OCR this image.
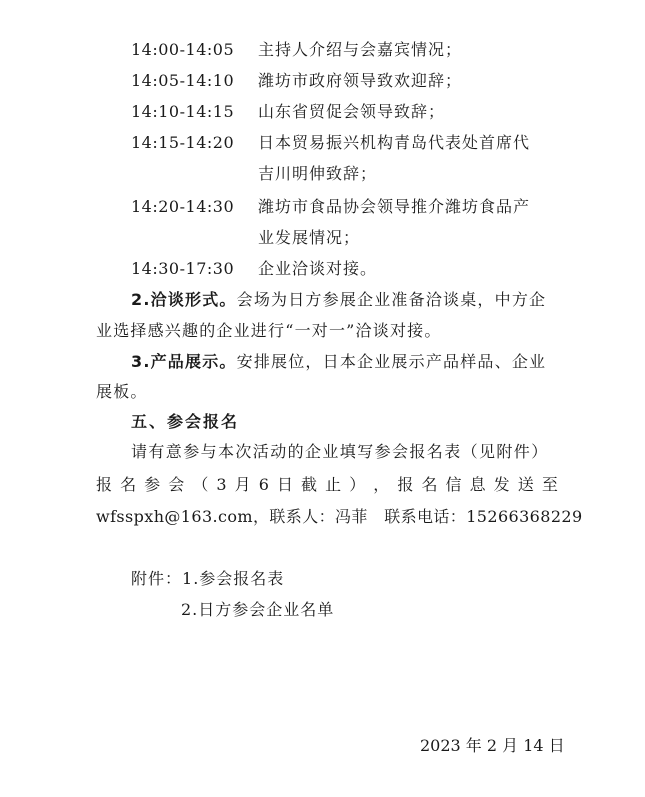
14:00-14:05 主持人介绍与会嘉宾情况；
14:05-14:10 潍坊市政府领导致欢迎辞；
14:10-14:15 山东省贸促会领导致辞；
14:15-14:20 日本贸易振兴机构青岛代表处首席代
吉川明伸致辞；
14:20-14:30 潍坊市食品协会领导推介潍坊食品产
业发展情况；
14:30-17:30 企业洽谈对接。
2.洽谈形式。会场为日方参展企业准备洽谈桌，中方企
业选择感兴趣的企业进行“一对一”洽谈对接。
3.产品展示。安排展位，日本企业展示产品样品、企业
展板。
五、参会报名
请有意参与本次活动的企业填写参会报名表（见附件）
报 名 参 会 （ 3 月 6 日 截 止 ） ， 报 名 信 息 发 送 至
wfsspxh@163.com，联系人：冯菲　联系电话：15266368229
附件：1.参会报名表
2.日方参会企业名单
2023 年 2 月 14 日
